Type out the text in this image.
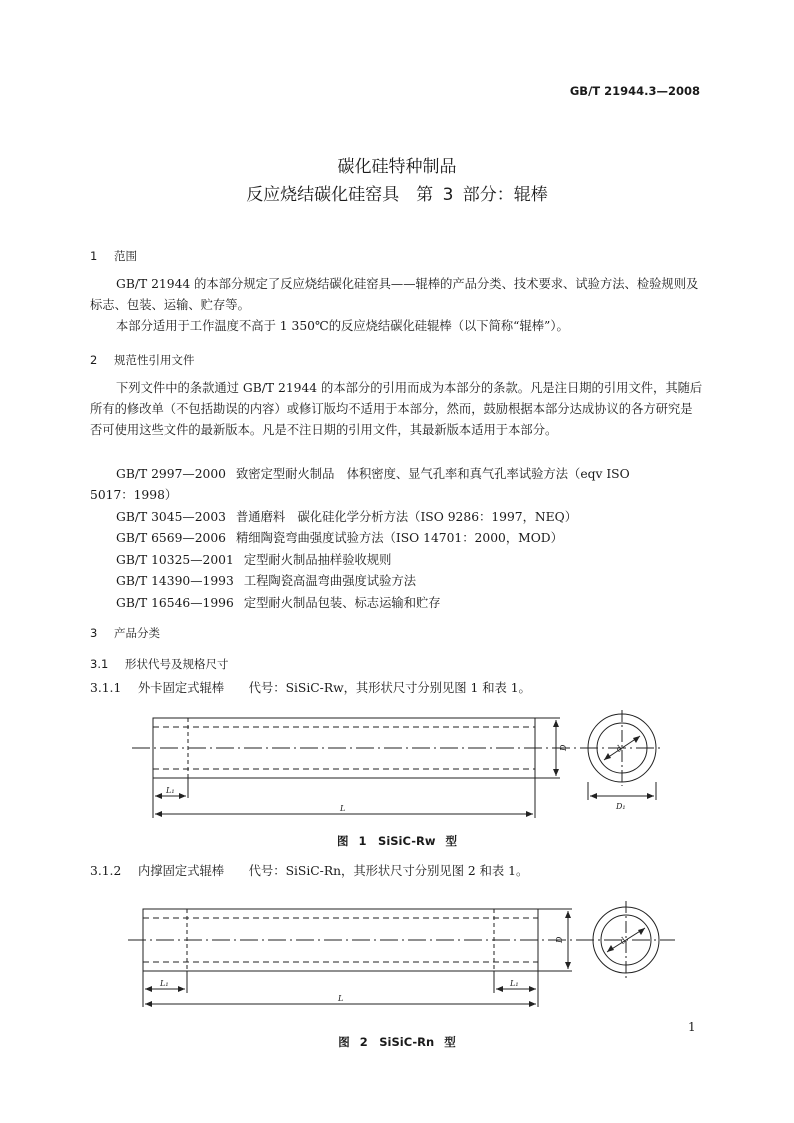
GB/T 21944.3—2008
碳化硅特种制品
反应烧结碳化硅窑具　第 3 部分：辊棒
1 范围
GB/T 21944 的本部分规定了反应烧结碳化硅窑具——辊棒的产品分类、技术要求、试验方法、检验规则及标志、包装、运输、贮存等。
本部分适用于工作温度不高于 1 350℃的反应烧结碳化硅辊棒（以下简称“辊棒”）。
2 规范性引用文件
下列文件中的条款通过 GB/T 21944 的本部分的引用而成为本部分的条款。凡是注日期的引用文件，其随后所有的修改单（不包括勘误的内容）或修订版均不适用于本部分，然而，鼓励根据本部分达成协议的各方研究是否可使用这些文件的最新版本。凡是不注日期的引用文件，其最新版本适用于本部分。
GB/T 2997—2000 致密定型耐火制品　体积密度、显气孔率和真气孔率试验方法（eqv ISO
5017：1998）
GB/T 3045—2003 普通磨料　碳化硅化学分析方法（ISO 9286：1997，NEQ）
GB/T 6569—2006 精细陶瓷弯曲强度试验方法（ISO 14701：2000，MOD）
GB/T 10325—2001 定型耐火制品抽样验收规则
GB/T 14390—1993 工程陶瓷高温弯曲强度试验方法
GB/T 16546—1996 定型耐火制品包装、标志运输和贮存
3 产品分类
3.1 形状代号及规格尺寸
3.1.1 外卡固定式辊棒　　代号：SiSiC-Rw，其形状尺寸分别见图 1 和表 1。
L₁
L
D
D₁
d
图 1　SiSiC-Rw 型
3.1.2 内撑固定式辊棒　　代号：SiSiC-Rn，其形状尺寸分别见图 2 和表 1。
L₁	L₁
L
D	d
1
图 2　SiSiC-Rn 型
